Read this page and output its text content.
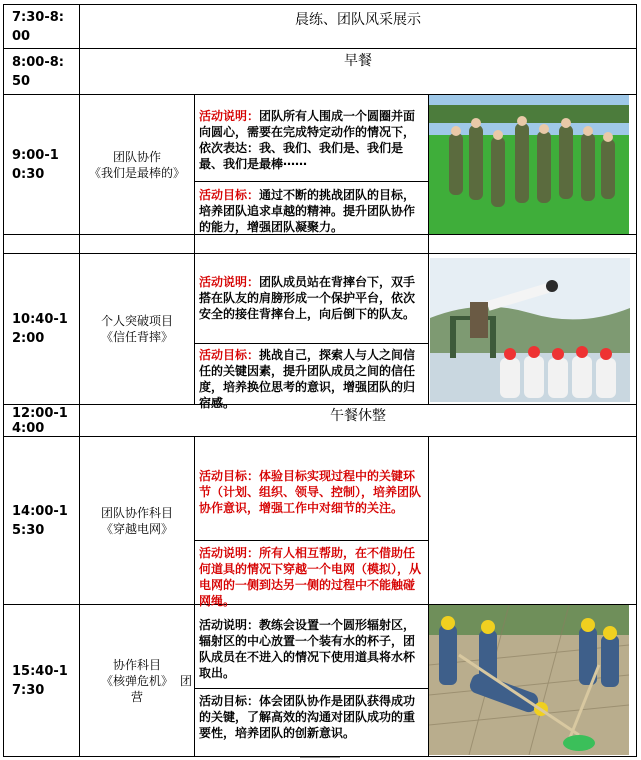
7:30-8:00
晨练、团队风采展示
8:00-8:50
早餐
9:00-10:30
团队协作
《我们是最棒的》
活动说明：团队所有人围成一个圆圈并面向圆心，需要在完成特定动作的情况下，依次表达：我、我们、我们是、我们是最、我们是最棒⋯⋯
活动目标：通过不断的挑战团队的目标，培养团队追求卓越的精神。提升团队协作的能力，增强团队凝聚力。
10:40-12:00
个人突破项目
《信任背摔》
活动说明：团队成员站在背摔台下，双手搭在队友的肩膀形成一个保护平台，依次安全的接住背摔台上，向后倒下的队友。
活动目标：挑战自己，探索人与人之间信任的关键因素，提升团队成员之间的信任度，培养换位思考的意识，增强团队的归宿感。
12:00-14:00
午餐休整
14:00-15:30
团队协作科目
《穿越电网》
活动目标：体验目标实现过程中的关键环节（计划、组织、领导、控制），培养团队协作意识，增强工作中对细节的关注。
活动说明：所有人相互帮助，在不借助任何道具的情况下穿越一个电网（模拟），从电网的一侧到达另一侧的过程中不能触碰网绳。
15:40-17:30
协作科目
《核弹危机》
营
团
活动说明：教练会设置一个圆形辐射区，辐射区的中心放置一个装有水的杯子，团队成员在不进入的情况下使用道具将水杯取出。
活动目标：体会团队协作是团队获得成功的关键，了解高效的沟通对团队成功的重要性，培养团队的创新意识。
